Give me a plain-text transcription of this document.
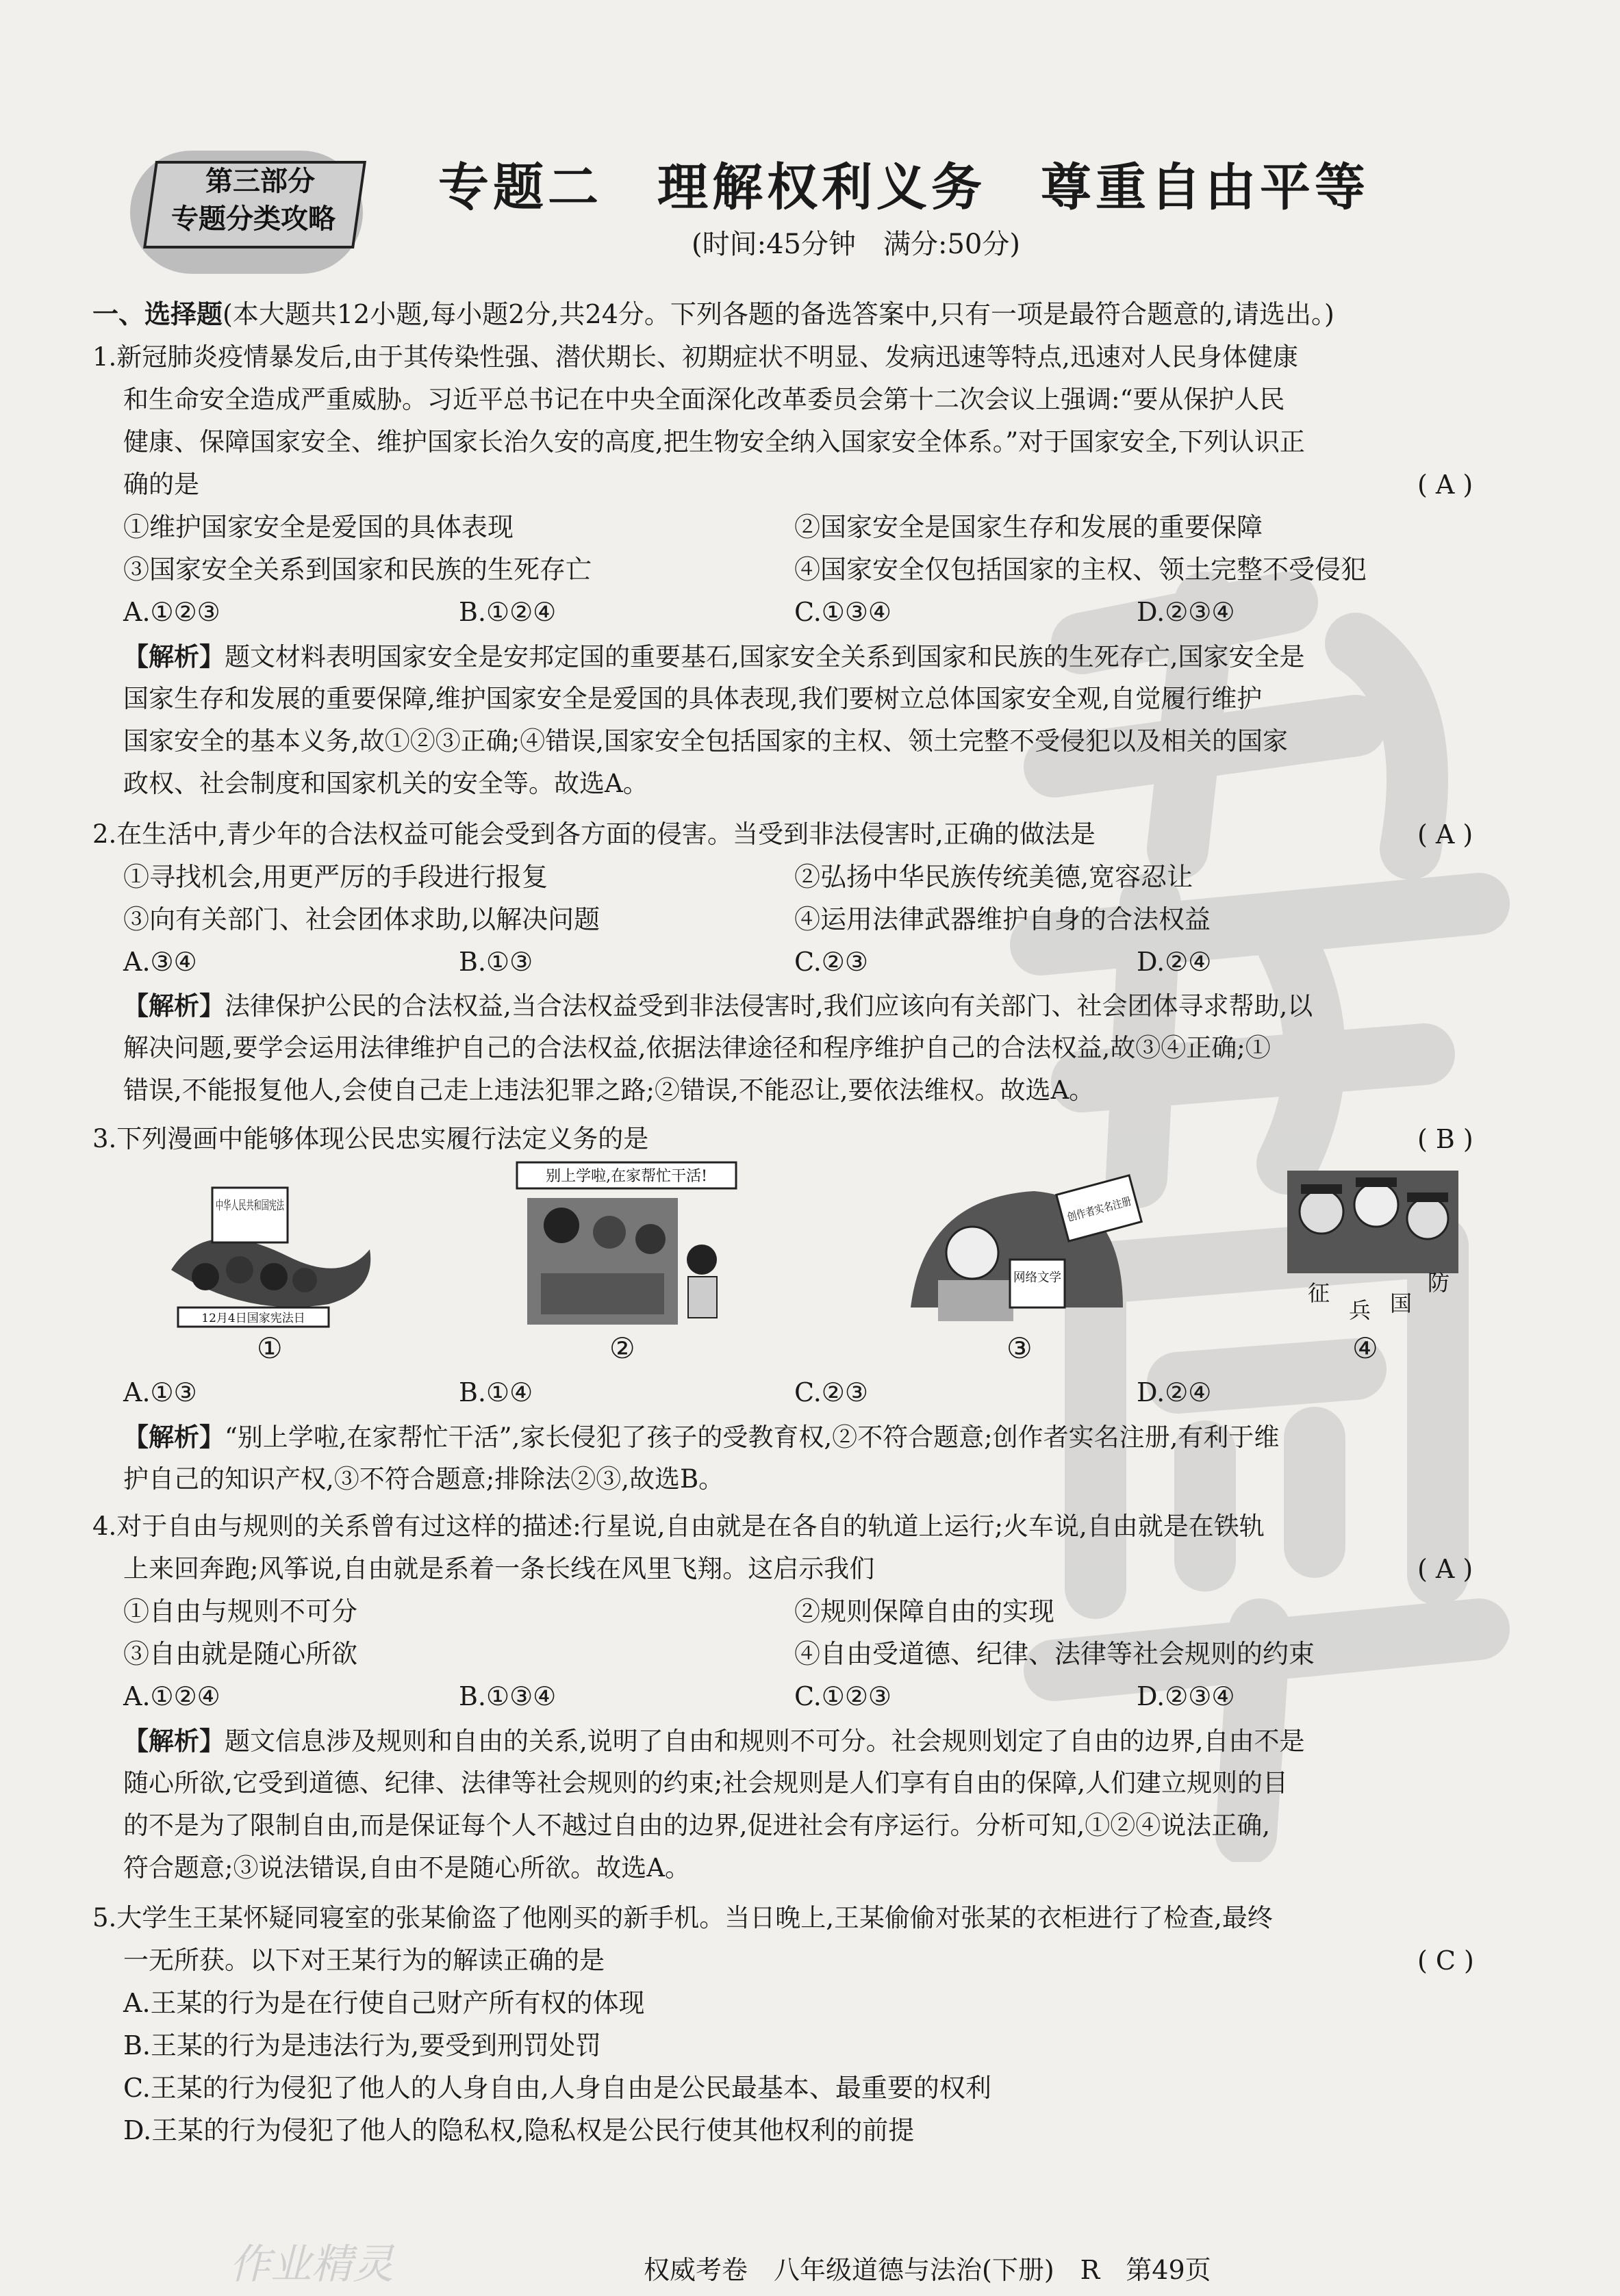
第三部分
专题分类攻略
专题二　理解权利义务　尊重自由平等
(时间:45分钟　满分:50分)
一、选择题(本大题共12小题,每小题2分,共24分。下列各题的备选答案中,只有一项是最符合题意的,请选出。)
1.新冠肺炎疫情暴发后,由于其传染性强、潜伏期长、初期症状不明显、发病迅速等特点,迅速对人民身体健康
和生命安全造成严重威胁。习近平总书记在中央全面深化改革委员会第十二次会议上强调:“要从保护人民
健康、保障国家安全、维护国家长治久安的高度,把生物安全纳入国家安全体系。”对于国家安全,下列认识正
确的是	( A )
①维护国家安全是爱国的具体表现	②国家安全是国家生存和发展的重要保障
③国家安全关系到国家和民族的生死存亡	④国家安全仅包括国家的主权、领土完整不受侵犯
A.①②③	B.①②④	C.①③④	D.②③④
【解析】题文材料表明国家安全是安邦定国的重要基石,国家安全关系到国家和民族的生死存亡,国家安全是
国家生存和发展的重要保障,维护国家安全是爱国的具体表现,我们要树立总体国家安全观,自觉履行维护
国家安全的基本义务,故①②③正确;④错误,国家安全包括国家的主权、领土完整不受侵犯以及相关的国家
政权、社会制度和国家机关的安全等。故选A。
2.在生活中,青少年的合法权益可能会受到各方面的侵害。当受到非法侵害时,正确的做法是	( A )
①寻找机会,用更严厉的手段进行报复	②弘扬中华民族传统美德,宽容忍让
③向有关部门、社会团体求助,以解决问题	④运用法律武器维护自身的合法权益
A.③④	B.①③	C.②③	D.②④
【解析】法律保护公民的合法权益,当合法权益受到非法侵害时,我们应该向有关部门、社会团体寻求帮助,以
解决问题,要学会运用法律维护自己的合法权益,依据法律途径和程序维护自己的合法权益,故③④正确;①
错误,不能报复他人,会使自己走上违法犯罪之路;②错误,不能忍让,要依法维权。故选A。
3.下列漫画中能够体现公民忠实履行法定义务的是	( B )
中华人民共和国宪法
12月4日国家宪法日
①
别上学啦,在家帮忙干活!
②
网络文学
创作者实名注册
③
征
兵 国
防
④
A.①③	B.①④	C.②③	D.②④
【解析】“别上学啦,在家帮忙干活”,家长侵犯了孩子的受教育权,②不符合题意;创作者实名注册,有利于维
护自己的知识产权,③不符合题意;排除法②③,故选B。
4.对于自由与规则的关系曾有过这样的描述:行星说,自由就是在各自的轨道上运行;火车说,自由就是在铁轨
上来回奔跑;风筝说,自由就是系着一条长线在风里飞翔。这启示我们	( A )
①自由与规则不可分	②规则保障自由的实现
③自由就是随心所欲	④自由受道德、纪律、法律等社会规则的约束
A.①②④	B.①③④	C.①②③	D.②③④
【解析】题文信息涉及规则和自由的关系,说明了自由和规则不可分。社会规则划定了自由的边界,自由不是
随心所欲,它受到道德、纪律、法律等社会规则的约束;社会规则是人们享有自由的保障,人们建立规则的目
的不是为了限制自由,而是保证每个人不越过自由的边界,促进社会有序运行。分析可知,①②④说法正确,
符合题意;③说法错误,自由不是随心所欲。故选A。
5.大学生王某怀疑同寝室的张某偷盗了他刚买的新手机。当日晚上,王某偷偷对张某的衣柜进行了检查,最终
一无所获。以下对王某行为的解读正确的是	( C )
A.王某的行为是在行使自己财产所有权的体现
B.王某的行为是违法行为,要受到刑罚处罚
C.王某的行为侵犯了他人的人身自由,人身自由是公民最基本、最重要的权利
D.王某的行为侵犯了他人的隐私权,隐私权是公民行使其他权利的前提
作业精灵	权威考卷　八年级道德与法治(下册)　R　第49页
